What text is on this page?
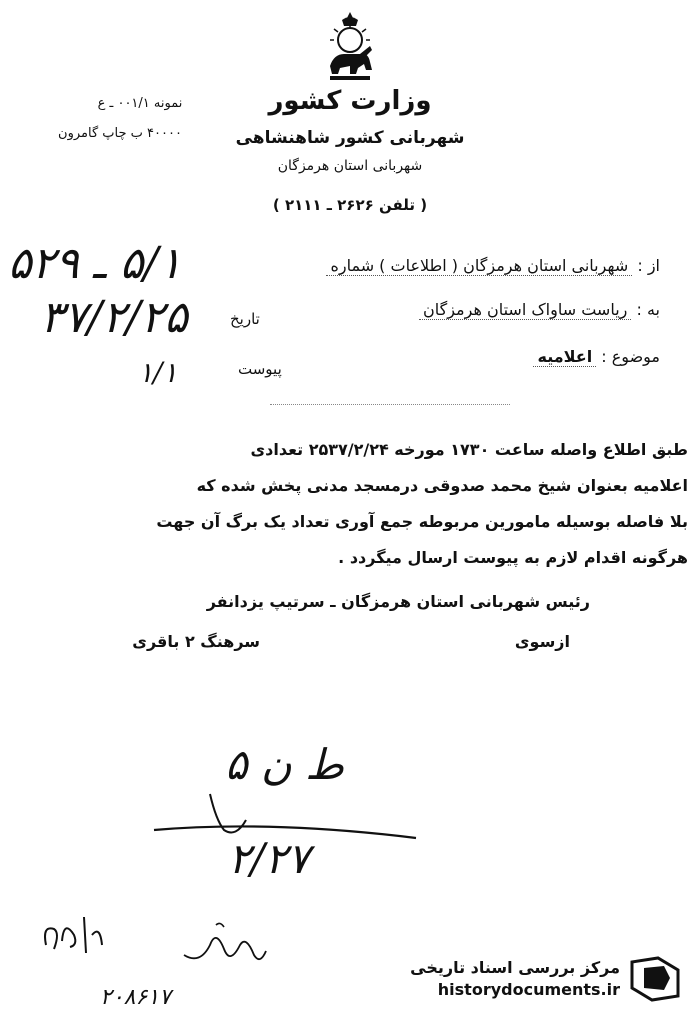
وزارت کشور
شهربانی کشور شاهنشاهی
شهربانی استان هرمزگان
( تلفن ۲۶۲۶ ـ ۲۱۱۱ )
نمونه ۰۰۱/۱ ـ ع
۴۰۰۰۰ ب چاپ گامرون
از : شهربانی استان هرمزگان ( اطلاعات ) شماره
به : ریاست ساواک استان هرمزگان
موضوع : اعلامیه
تاریخ
پیوست
۵/۱ ـ ۵۲۹
۳۷/۲/۲۵
۱/۱
طبق اطلاع واصله ساعت ۱۷۳۰ مورخه ۲۵۳۷/۲/۲۴ تعدادی
اعلامیه بعنوان شیخ محمد صدوقی درمسجد مدنی پخش شده که
بلا فاصله بوسیله مامورین مربوطه جمع آوری تعداد یک برگ آن جهت
هرگونه اقدام لازم به پیوست ارسال میگردد .
رئیس شهربانی استان هرمزگان ـ سرتیپ یزدانفر
ازسوی
سرهنگ ۲ باقری
ط ن ۵
۲/۲۷
۲۰۸۶۱۷
مرکز بررسی اسناد تاریخی
historydocuments.ir
